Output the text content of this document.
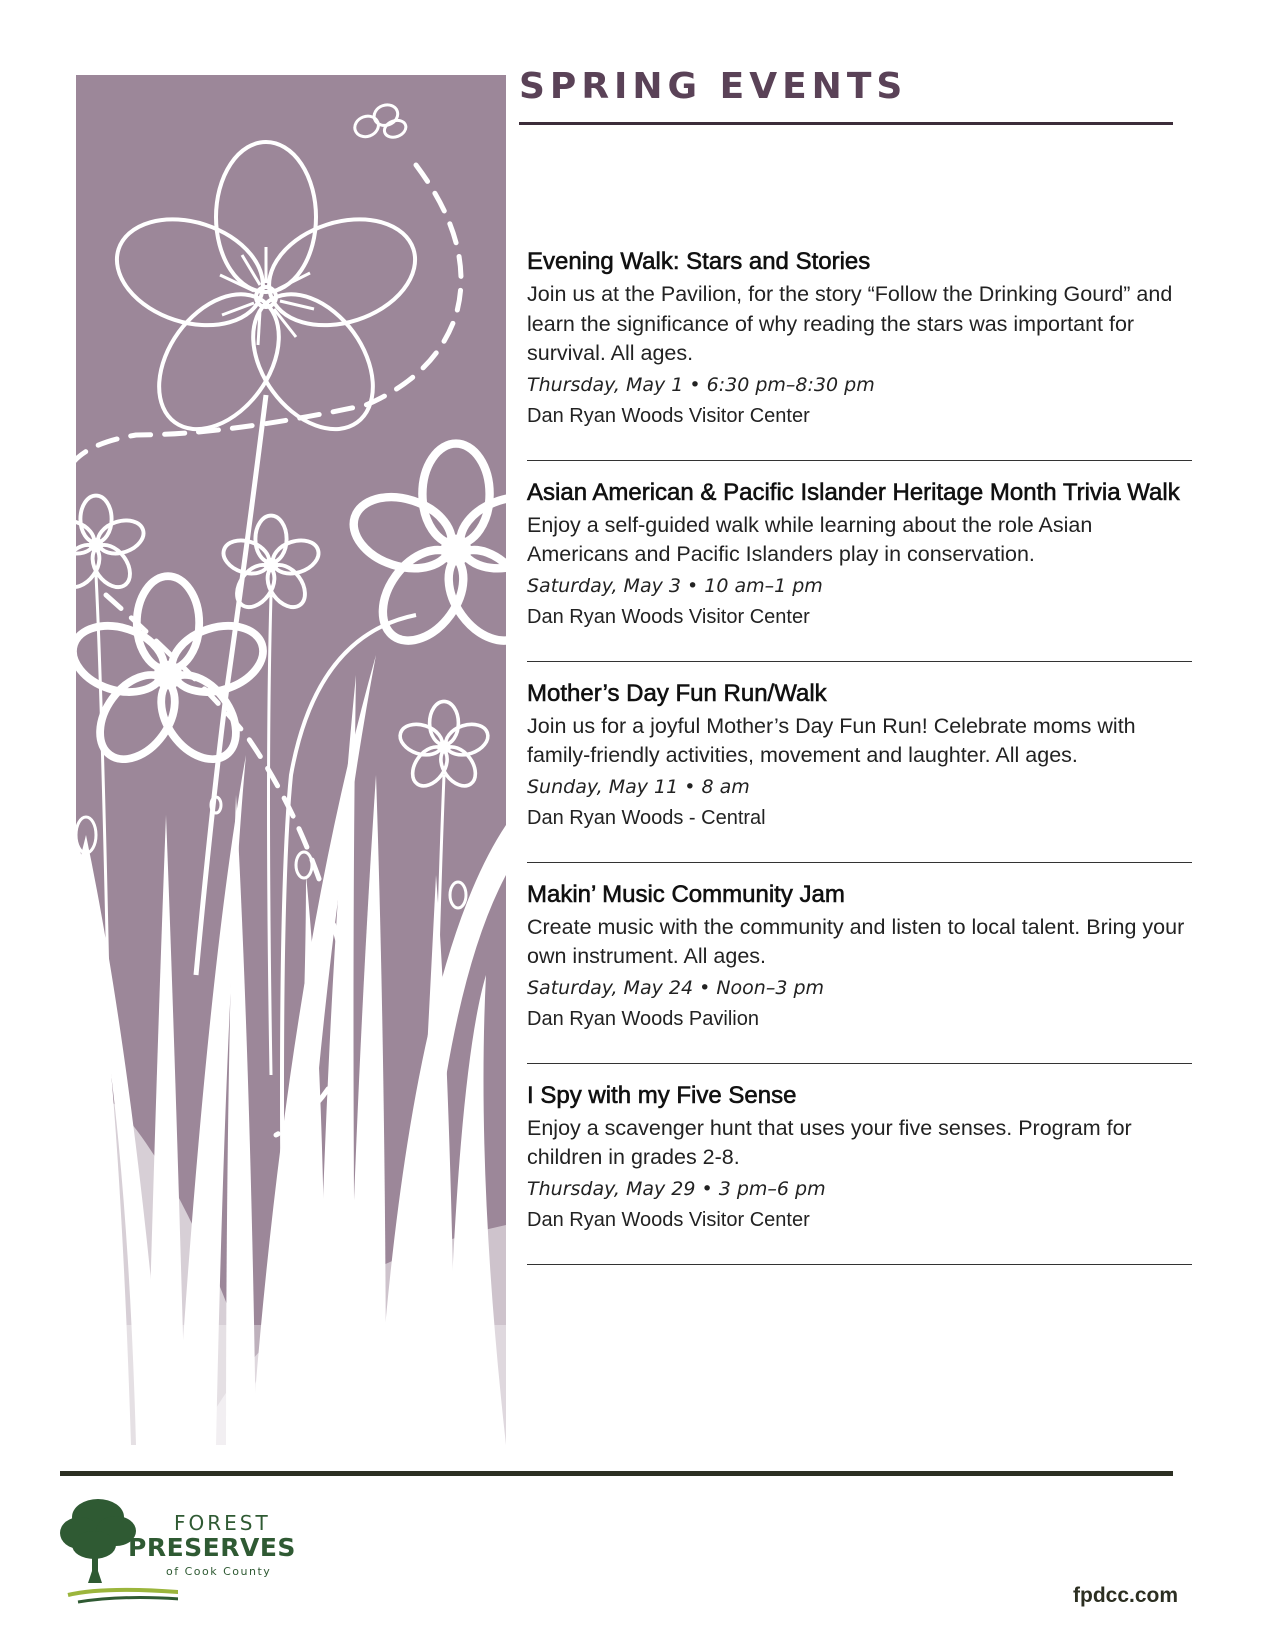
SPRING EVENTS
Evening Walk: Stars and Stories

Join us at the Pavilion, for the story “Follow the Drinking Gourd” and learn the significance of why reading the stars was important for survival. All ages.

Thursday, May 1 • 6:30 pm–8:30 pm

Dan Ryan Woods Visitor Center

Asian American & Pacific Islander Heritage Month Trivia Walk

Enjoy a self-guided walk while learning about the role Asian Americans and Pacific Islanders play in conservation.

Saturday, May 3 • 10 am–1 pm

Dan Ryan Woods Visitor Center

Mother’s Day Fun Run/Walk

Join us for a joyful Mother’s Day Fun Run! Celebrate moms with family-friendly activities, movement and laughter. All ages.

Sunday, May 11 • 8 am

Dan Ryan Woods - Central

Makin’ Music Community Jam

Create music with the community and listen to local talent. Bring your own instrument. All ages.

Saturday, May 24 • Noon–3 pm

Dan Ryan Woods Pavilion

I Spy with my Five Sense

Enjoy a scavenger hunt that uses your five senses. Program for children in grades 2-8.

Thursday, May 29 • 3 pm–6 pm

Dan Ryan Woods Visitor Center

FOREST
PRESERVES
of Cook County
fpdcc.com
